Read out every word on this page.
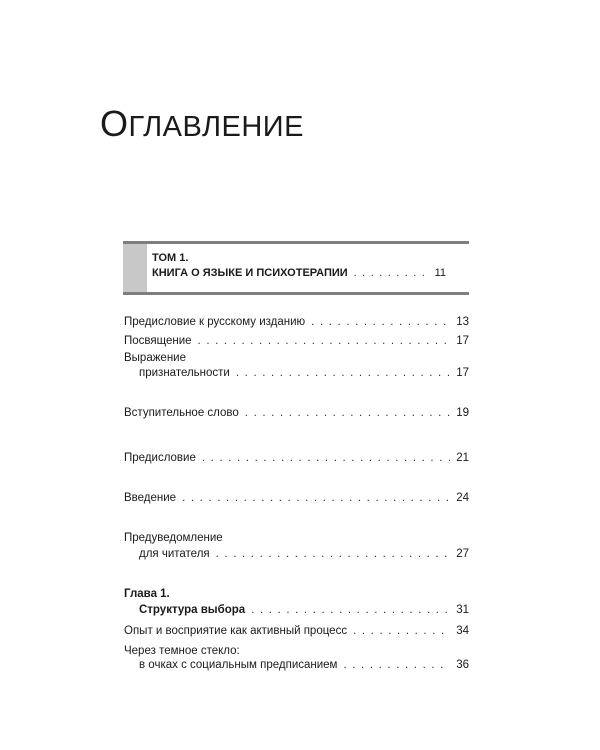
ОГЛАВЛЕНИЕ
ТОМ 1.
КНИГА О ЯЗЫКЕ И ПСИХОТЕРАПИИ . . .	11
Предисловие к русскому изданию . . .	13
Посвящение . . .	17
Выражение
признательности . . .	17
Вступительное слово . . .	19
Предисловие . . .	21
Введение . . .	24
Предуведомление
для читателя . . .	27
Глава 1.
Структура выбора . . .	31
Опыт и восприятие как активный процесс . . .	34
Через темное стекло:
в очках с социальным предписанием . . .	36
